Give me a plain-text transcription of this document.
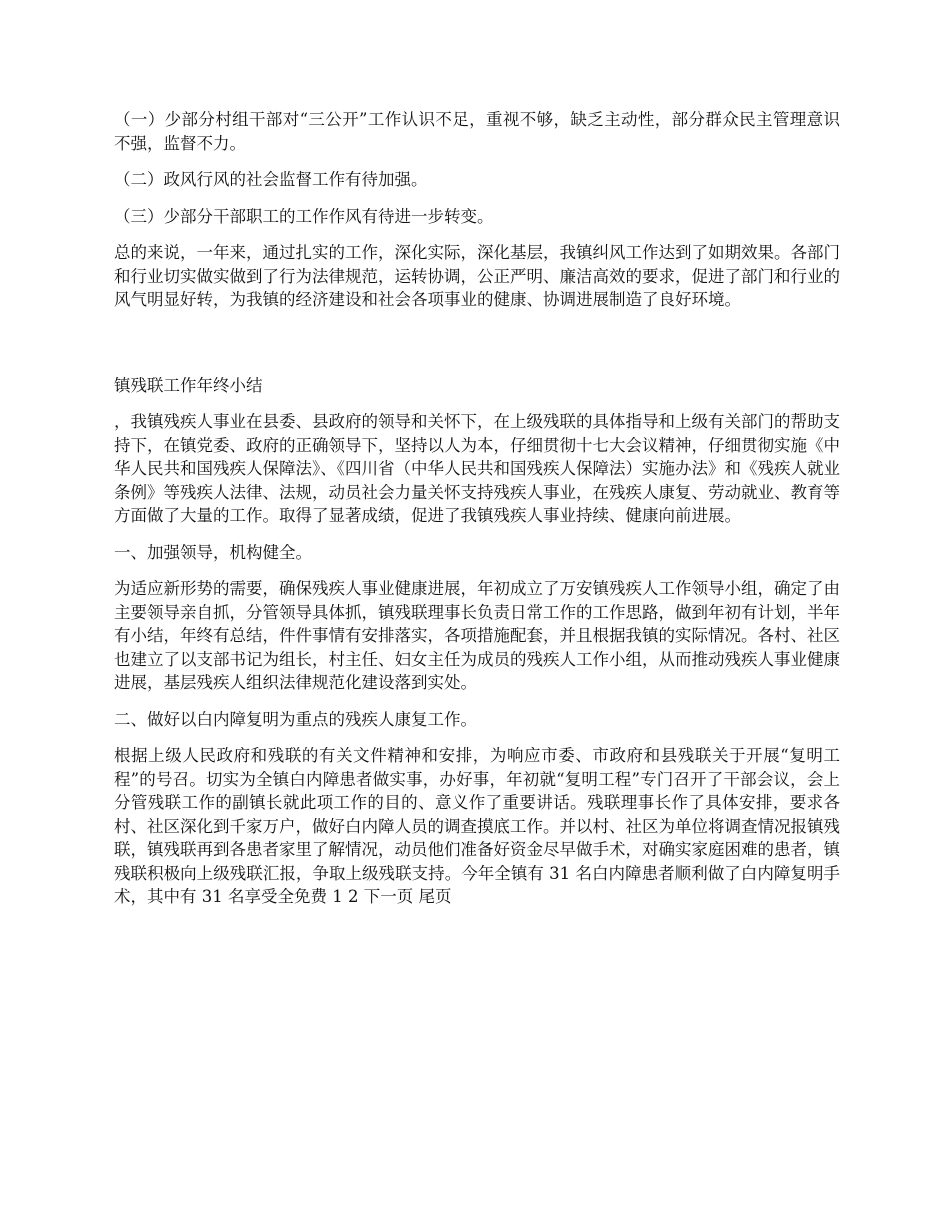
（一）少部分村组干部对“三公开”工作认识不足，重视不够，缺乏主动性，部分群众民主管理意识不强，监督不力。

（二）政风行风的社会监督工作有待加强。

（三）少部分干部职工的工作作风有待进一步转变。

总的来说，一年来，通过扎实的工作，深化实际，深化基层，我镇纠风工作达到了如期效果。各部门和行业切实做实做到了行为法律规范，运转协调，公正严明、廉洁高效的要求，促进了部门和行业的风气明显好转，为我镇的经济建设和社会各项事业的健康、协调进展制造了良好环境。

镇残联工作年终小结

，我镇残疾人事业在县委、县政府的领导和关怀下，在上级残联的具体指导和上级有关部门的帮助支持下，在镇党委、政府的正确领导下，坚持以人为本，仔细贯彻十七大会议精神，仔细贯彻实施《中华人民共和国残疾人保障法》、《四川省（中华人民共和国残疾人保障法）实施办法》和《残疾人就业条例》等残疾人法律、法规，动员社会力量关怀支持残疾人事业，在残疾人康复、劳动就业、教育等方面做了大量的工作。取得了显著成绩，促进了我镇残疾人事业持续、健康向前进展。

一、加强领导，机构健全。

为适应新形势的需要，确保残疾人事业健康进展，年初成立了万安镇残疾人工作领导小组，确定了由主要领导亲自抓，分管领导具体抓，镇残联理事长负责日常工作的工作思路，做到年初有计划，半年有小结，年终有总结，件件事情有安排落实，各项措施配套，并且根据我镇的实际情况。各村、社区也建立了以支部书记为组长，村主任、妇女主任为成员的残疾人工作小组，从而推动残疾人事业健康进展，基层残疾人组织法律规范化建设落到实处。

二、做好以白内障复明为重点的残疾人康复工作。

根据上级人民政府和残联的有关文件精神和安排，为响应市委、市政府和县残联关于开展“复明工程”的号召。切实为全镇白内障患者做实事，办好事，年初就“复明工程”专门召开了干部会议，会上分管残联工作的副镇长就此项工作的目的、意义作了重要讲话。残联理事长作了具体安排，要求各村、社区深化到千家万户，做好白内障人员的调查摸底工作。并以村、社区为单位将调查情况报镇残联，镇残联再到各患者家里了解情况，动员他们准备好资金尽早做手术，对确实家庭困难的患者，镇残联积极向上级残联汇报，争取上级残联支持。今年全镇有 31 名白内障患者顺利做了白内障复明手术，其中有 31 名享受全免费 1 2 下一页 尾页
